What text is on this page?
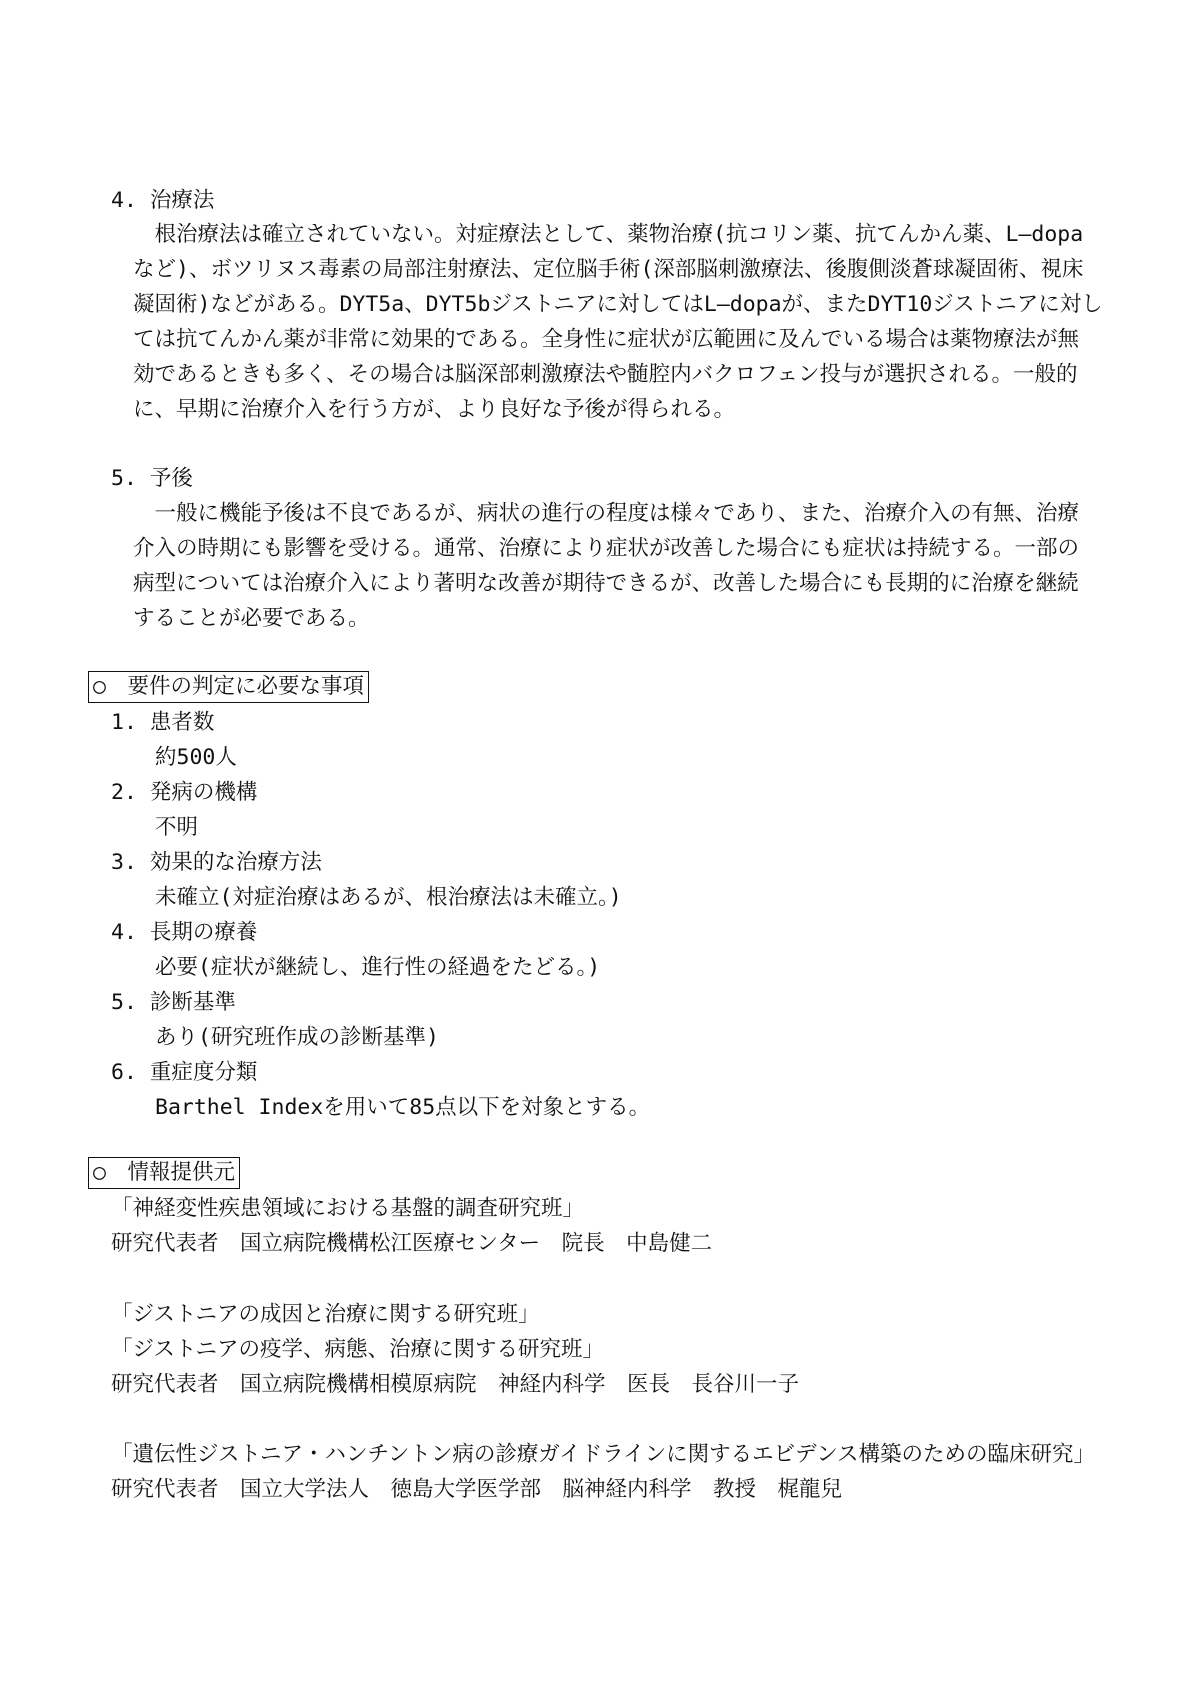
4. 治療法
　根治療法は確立されていない。対症療法として、薬物治療(抗コリン薬、抗てんかん薬、L—dopa
など)、ボツリヌス毒素の局部注射療法、定位脳手術(深部脳刺激療法、後腹側淡蒼球凝固術、視床
凝固術)などがある。DYT5a、DYT5bジストニアに対してはL—dopaが、またDYT10ジストニアに対し
ては抗てんかん薬が非常に効果的である。全身性に症状が広範囲に及んでいる場合は薬物療法が無
効であるときも多く、その場合は脳深部刺激療法や髄腔内バクロフェン投与が選択される。一般的
に、早期に治療介入を行う方が、より良好な予後が得られる。
5. 予後
　一般に機能予後は不良であるが、病状の進行の程度は様々であり、また、治療介入の有無、治療
介入の時期にも影響を受ける。通常、治療により症状が改善した場合にも症状は持続する。一部の
病型については治療介入により著明な改善が期待できるが、改善した場合にも長期的に治療を継続
することが必要である。
○　要件の判定に必要な事項
1. 患者数
約500人
2. 発病の機構
不明
3. 効果的な治療方法
未確立(対症治療はあるが、根治療法は未確立。)
4. 長期の療養
必要(症状が継続し、進行性の経過をたどる。)
5. 診断基準
あり(研究班作成の診断基準)
6. 重症度分類
Barthel Indexを用いて85点以下を対象とする。
○　情報提供元
「神経変性疾患領域における基盤的調査研究班」
研究代表者　国立病院機構松江医療センター　院長　中島健二
「ジストニアの成因と治療に関する研究班」
「ジストニアの疫学、病態、治療に関する研究班」
研究代表者　国立病院機構相模原病院　神経内科学　医長　長谷川一子
「遺伝性ジストニア・ハンチントン病の診療ガイドラインに関するエビデンス構築のための臨床研究」
研究代表者　国立大学法人　徳島大学医学部　脳神経内科学　教授　梶龍兒
